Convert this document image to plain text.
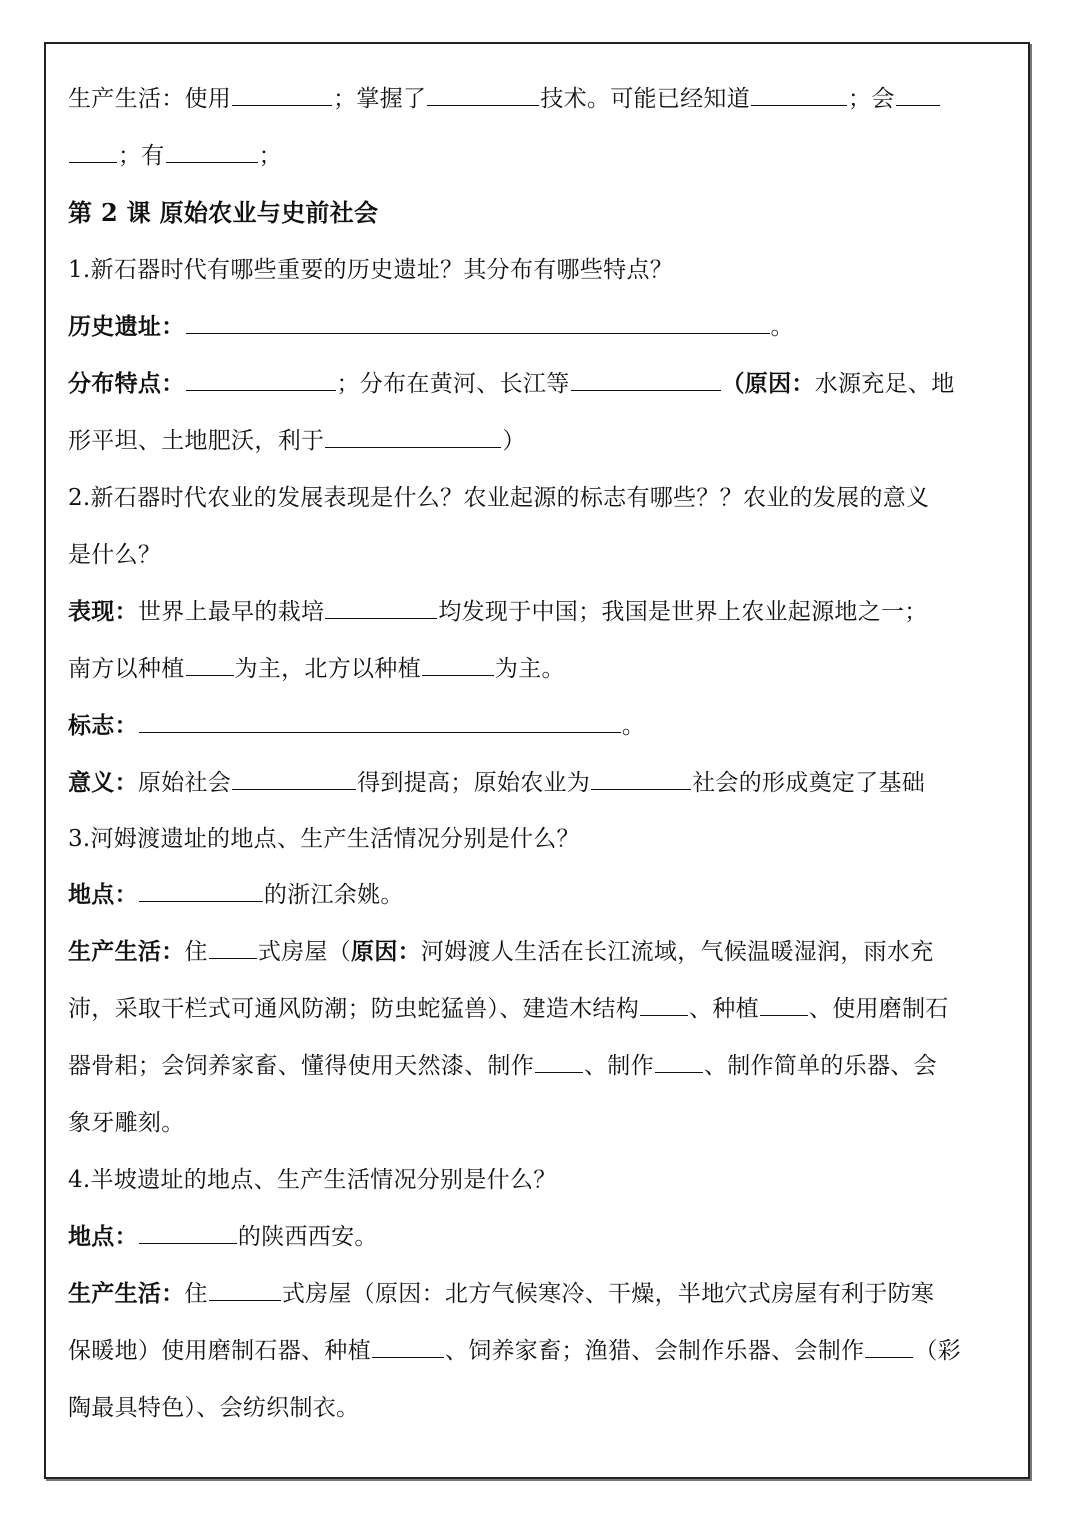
生产生活：使用	；掌握了	技术。可能已经知道	；会
；有	；
第 2 课 原始农业与史前社会
1.新石器时代有哪些重要的历史遗址？其分布有哪些特点？
历史遗址：	。
分布特点：	；分布在黄河、长江等	（原因：水源充足、地
形平坦、土地肥沃，利于	）
2.新石器时代农业的发展表现是什么？农业起源的标志有哪些？？农业的发展的意义
是什么？
表现：世界上最早的栽培	均发现于中国；我国是世界上农业起源地之一；
南方以种植 为主，北方以种植	为主。
标志：	。
意义：原始社会	得到提高；原始农业为	社会的形成奠定了基础
3.河姆渡遗址的地点、生产生活情况分别是什么？
地点：	的浙江余姚。
生产生活：住 式房屋（原因：河姆渡人生活在长江流域，气候温暖湿润，雨水充
沛，采取干栏式可通风防潮；防虫蛇猛兽）、建造木结构 、种植 、使用磨制石
器骨耜；会饲养家畜、懂得使用天然漆、制作 、制作 、制作简单的乐器、会
象牙雕刻。
4.半坡遗址的地点、生产生活情况分别是什么？
地点：	的陕西西安。
生产生活：住	式房屋（原因：北方气候寒冷、干燥，半地穴式房屋有利于防寒
保暖地）使用磨制石器、种植	、饲养家畜；渔猎、会制作乐器、会制作 （彩
陶最具特色）、会纺织制衣。
